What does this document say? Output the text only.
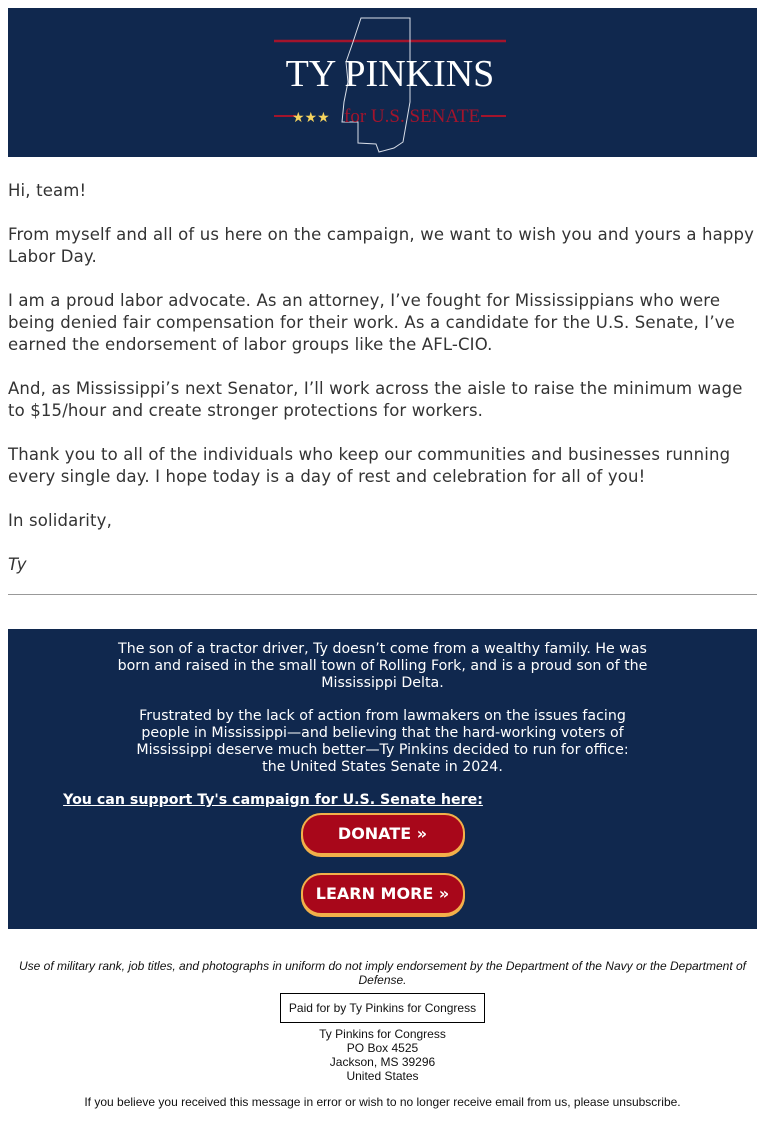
TY PINKINS
★★★ for U.S. SENATE

Hi, team!

From myself and all of us here on the campaign, we want to wish you and yours a happy Labor Day.

I am a proud labor advocate. As an attorney, I’ve fought for Mississippians who were being denied fair compensation for their work. As a candidate for the U.S. Senate, I’ve earned the endorsement of labor groups like the AFL-CIO.

And, as Mississippi’s next Senator, I’ll work across the aisle to raise the minimum wage to $15/hour and create stronger protections for workers.

Thank you to all of the individuals who keep our communities and businesses running every single day. I hope today is a day of rest and celebration for all of you!

In solidarity,

Ty

The son of a tractor driver, Ty doesn’t come from a wealthy family. He was born and raised in the small town of Rolling Fork, and is a proud son of the Mississippi Delta.

Frustrated by the lack of action from lawmakers on the issues facing people in Mississippi—and believing that the hard-working voters of Mississippi deserve much better—Ty Pinkins decided to run for office: the United States Senate in 2024.

You can support Ty's campaign for U.S. Senate here:

DONATE »
LEARN MORE »
Use of military rank, job titles, and photographs in uniform do not imply endorsement by the Department of the Navy or the Department of Defense.
Paid for by Ty Pinkins for Congress
Ty Pinkins for Congress
PO Box 4525
Jackson, MS 39296
United States
If you believe you received this message in error or wish to no longer receive email from us, please unsubscribe.
